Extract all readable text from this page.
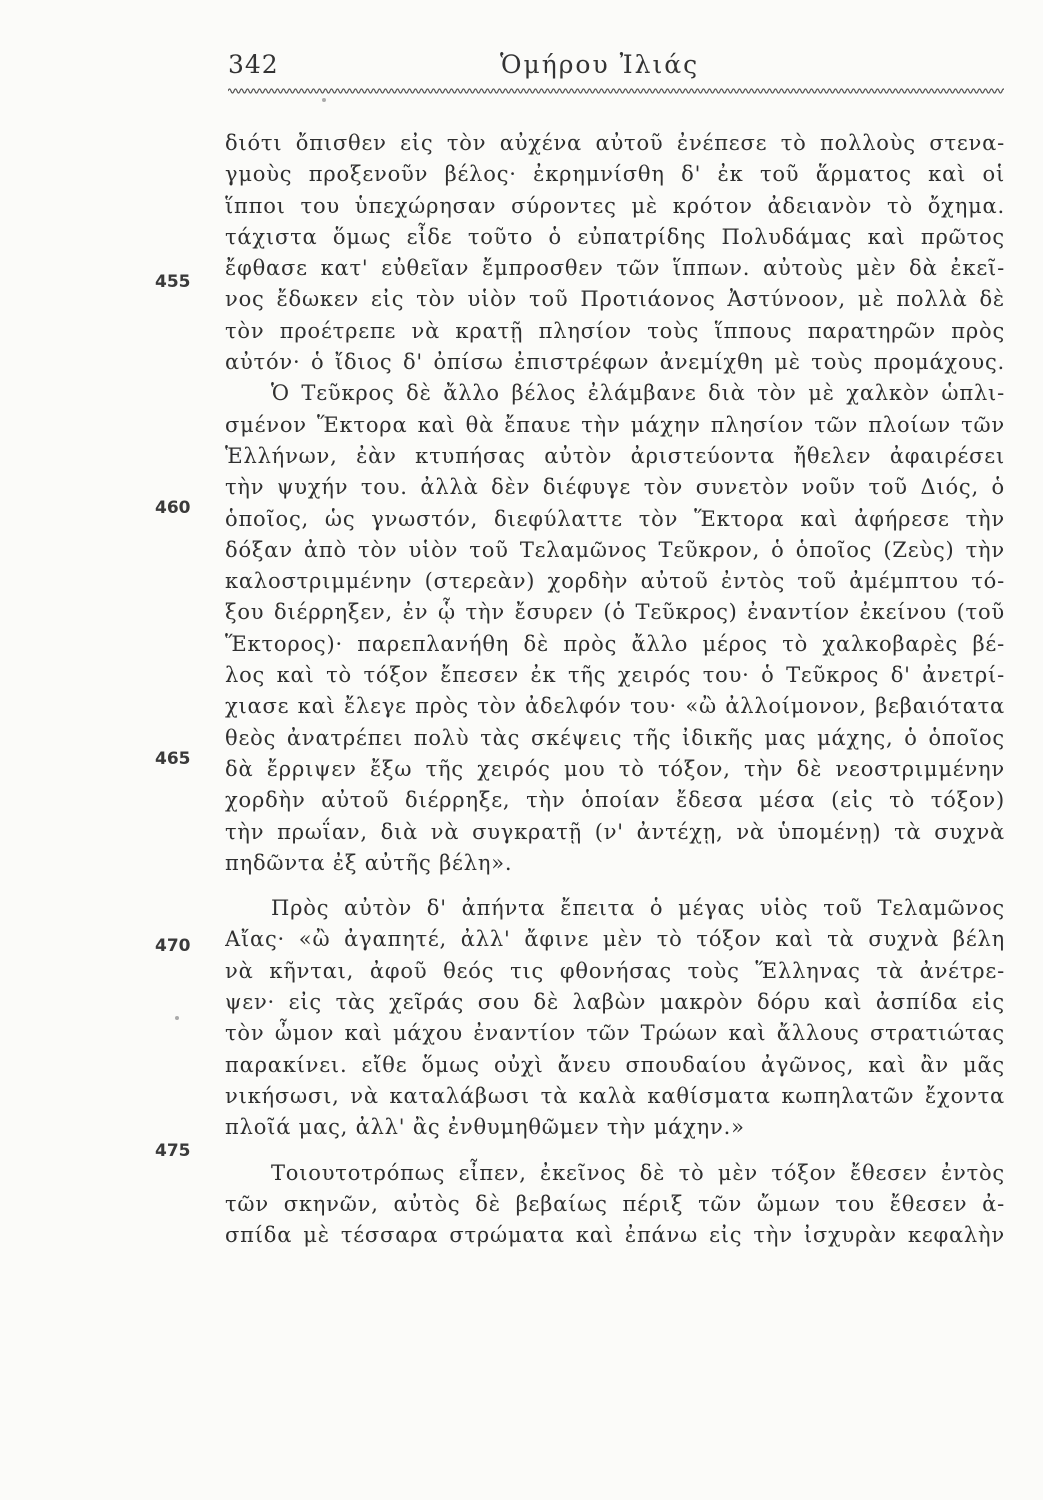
342	Ὁμήρου Ἰλιάς
455
460
465
470
475
διότι ὄπισθεν εἰς τὸν αὐχένα αὐτοῦ ἐνέπεσε τὸ πολλοὺς στενα-
γμοὺς προξενοῦν βέλος· ἐκρημνίσθη δ' ἐκ τοῦ ἅρματος καὶ οἱ
ἵπποι του ὑπεχώρησαν σύροντες μὲ κρότον ἀδειανὸν τὸ ὄχημα.
τάχιστα ὅμως εἶδε τοῦτο ὁ εὐπατρίδης Πολυδάμας καὶ πρῶτος
ἔφθασε κατ' εὐθεῖαν ἔμπροσθεν τῶν ἵππων. αὐτοὺς μὲν δὰ ἐκεῖ-
νος ἔδωκεν εἰς τὸν υἱὸν τοῦ Προτιάονος Ἀστύνοον, μὲ πολλὰ δὲ
τὸν προέτρεπε νὰ κρατῇ πλησίον τοὺς ἵππους παρατηρῶν πρὸς
αὐτόν· ὁ ἴδιος δ' ὀπίσω ἐπιστρέφων ἀνεμίχθη μὲ τοὺς προμάχους.
Ὁ Τεῦκρος δὲ ἄλλο βέλος ἐλάμβανε διὰ τὸν μὲ χαλκὸν ὡπλι-
σμένον Ἕκτορα καὶ θὰ ἔπαυε τὴν μάχην πλησίον τῶν πλοίων τῶν
Ἑλλήνων, ἐὰν κτυπήσας αὐτὸν ἀριστεύοντα ἤθελεν ἀφαιρέσει
τὴν ψυχήν του. ἀλλὰ δὲν διέφυγε τὸν συνετὸν νοῦν τοῦ Διός, ὁ
ὁποῖος, ὡς γνωστόν, διεφύλαττε τὸν Ἕκτορα καὶ ἀφήρεσε τὴν
δόξαν ἀπὸ τὸν υἱὸν τοῦ Τελαμῶνος Τεῦκρον, ὁ ὁποῖος (Ζεὺς) τὴν
καλοστριμμένην (στερεὰν) χορδὴν αὐτοῦ ἐντὸς τοῦ ἀμέμπτου τό-
ξου διέρρηξεν, ἐν ᾧ τὴν ἔσυρεν (ὁ Τεῦκρος) ἐναντίον ἐκείνου (τοῦ
Ἕκτορος)· παρεπλανήθη δὲ πρὸς ἄλλο μέρος τὸ χαλκοβαρὲς βέ-
λος καὶ τὸ τόξον ἔπεσεν ἐκ τῆς χειρός του· ὁ Τεῦκρος δ' ἀνετρί-
χιασε καὶ ἔλεγε πρὸς τὸν ἀδελφόν του· «ὢ ἀλλοίμονον, βεβαιότατα
θεὸς ἀνατρέπει πολὺ τὰς σκέψεις τῆς ἰδικῆς μας μάχης, ὁ ὁποῖος
δὰ ἔρριψεν ἔξω τῆς χειρός μου τὸ τόξον, τὴν δὲ νεοστριμμένην
χορδὴν αὐτοῦ διέρρηξε, τὴν ὁποίαν ἔδεσα μέσα (εἰς τὸ τόξον)
τὴν πρωΐαν, διὰ νὰ συγκρατῇ (ν' ἀντέχῃ, νὰ ὑπομένῃ) τὰ συχνὰ
πηδῶντα ἐξ αὐτῆς βέλη».
Πρὸς αὐτὸν δ' ἀπήντα ἔπειτα ὁ μέγας υἱὸς τοῦ Τελαμῶνος
Αἴας· «ὢ ἀγαπητέ, ἀλλ' ἄφινε μὲν τὸ τόξον καὶ τὰ συχνὰ βέλη
νὰ κῆνται, ἀφοῦ θεός τις φθονήσας τοὺς Ἕλληνας τὰ ἀνέτρε-
ψεν· εἰς τὰς χεῖράς σου δὲ λαβὼν μακρὸν δόρυ καὶ ἀσπίδα εἰς
τὸν ὦμον καὶ μάχου ἐναντίον τῶν Τρώων καὶ ἄλλους στρατιώτας
παρακίνει. εἴθε ὅμως οὐχὶ ἄνευ σπουδαίου ἀγῶνος, καὶ ἂν μᾶς
νικήσωσι, νὰ καταλάβωσι τὰ καλὰ καθίσματα κωπηλατῶν ἔχοντα
πλοῖά μας, ἀλλ' ἂς ἐνθυμηθῶμεν τὴν μάχην.»
Τοιουτοτρόπως εἶπεν, ἐκεῖνος δὲ τὸ μὲν τόξον ἔθεσεν ἐντὸς
τῶν σκηνῶν, αὐτὸς δὲ βεβαίως πέριξ τῶν ὤμων του ἔθεσεν ἀ-
σπίδα μὲ τέσσαρα στρώματα καὶ ἐπάνω εἰς τὴν ἰσχυρὰν κεφαλὴν
